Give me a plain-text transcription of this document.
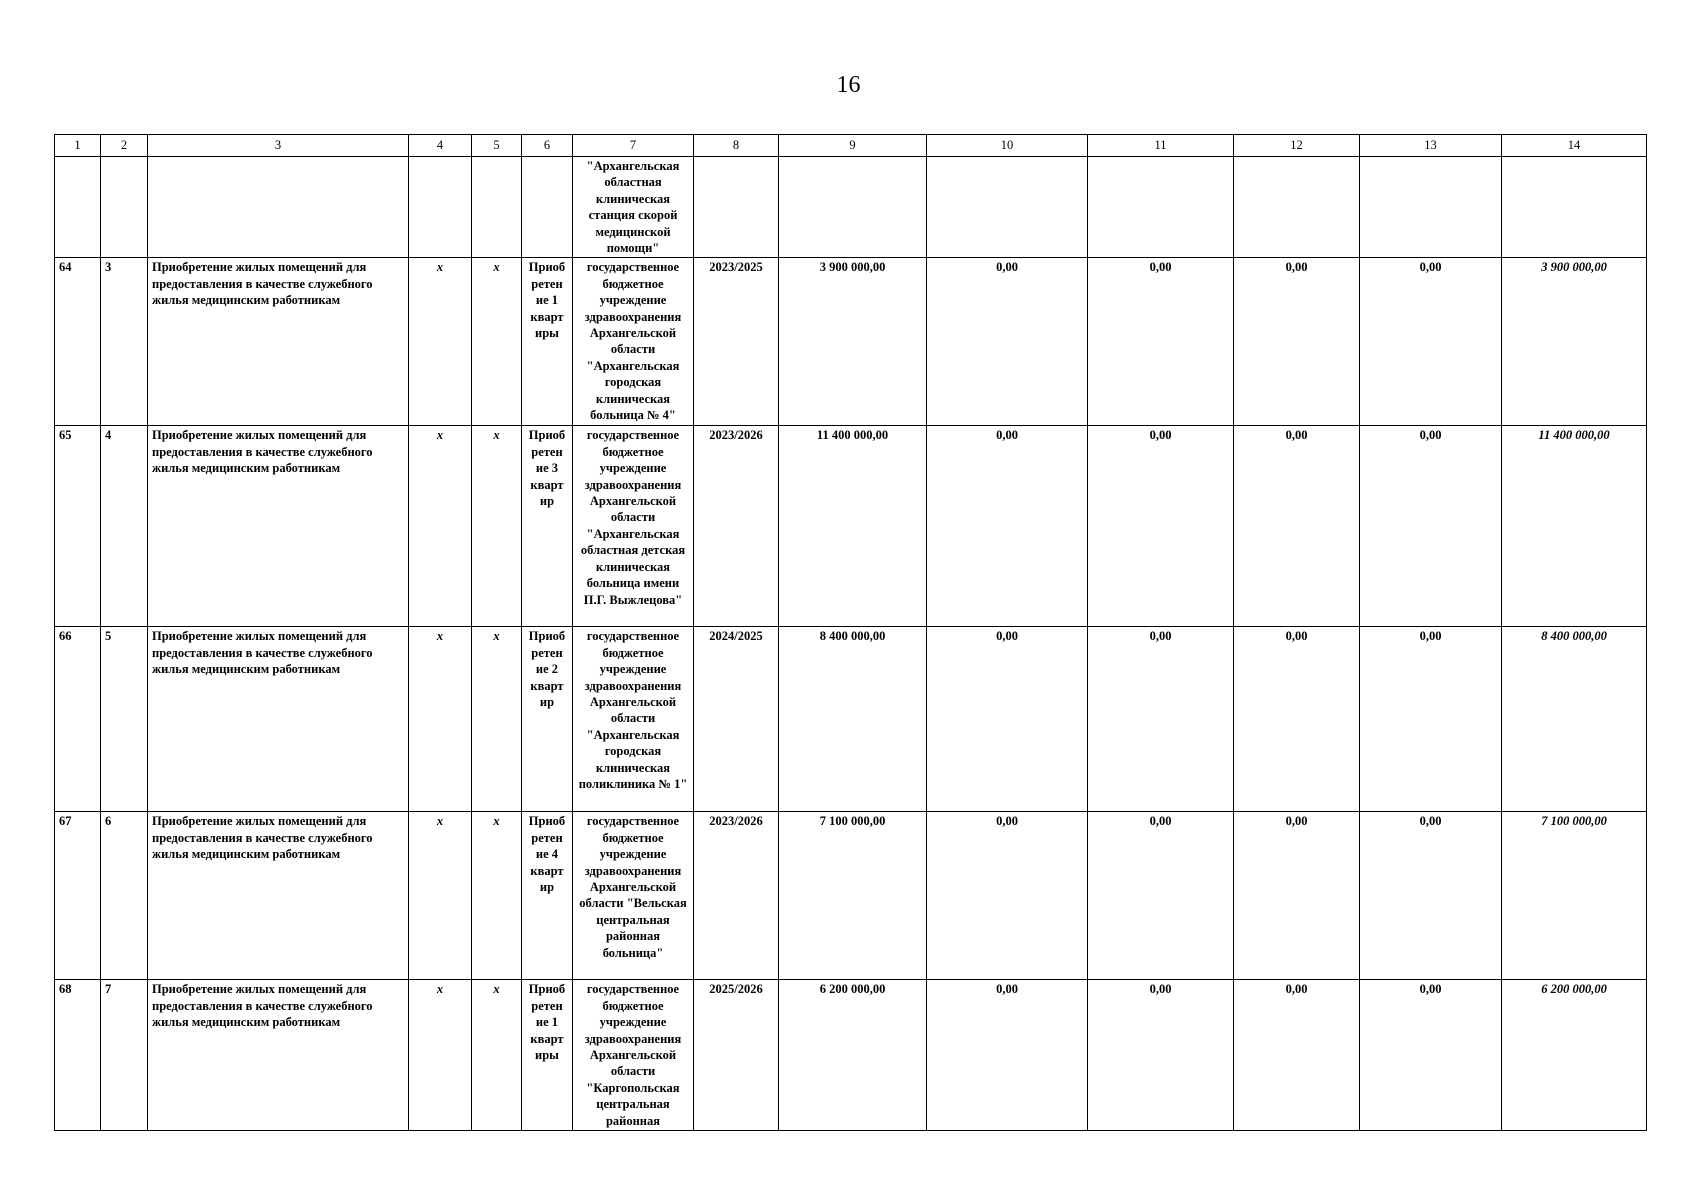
16
1	2	3	4	5	6	7	8	9	10	11	12	13	14
						"Архангельская областная клиническая станция скорой медицинской помощи"							
64	3	Приобретение жилых помещений для предоставления в качестве служебного жилья медицинским работникам	x	x	Приоб ретен ие 1 кварт иры	государственное бюджетное учреждение здравоохранения Архангельской области "Архангельская городская клиническая больница № 4"	2023/2025	3 900 000,00	0,00	0,00	0,00	0,00	3 900 000,00
65	4	Приобретение жилых помещений для предоставления в качестве служебного жилья медицинским работникам	x	x	Приоб ретен ие 3 кварт ир	государственное бюджетное учреждение здравоохранения Архангельской области "Архангельская областная детская клиническая больница имени П.Г. Выжлецова"	2023/2026	11 400 000,00	0,00	0,00	0,00	0,00	11 400 000,00
66	5	Приобретение жилых помещений для предоставления в качестве служебного жилья медицинским работникам	x	x	Приоб ретен ие 2 кварт ир	государственное бюджетное учреждение здравоохранения Архангельской области "Архангельская городская клиническая поликлиника № 1"	2024/2025	8 400 000,00	0,00	0,00	0,00	0,00	8 400 000,00
67	6	Приобретение жилых помещений для предоставления в качестве служебного жилья медицинским работникам	x	x	Приоб ретен ие 4 кварт ир	государственное бюджетное учреждение здравоохранения Архангельской области "Вельская центральная районная больница"	2023/2026	7 100 000,00	0,00	0,00	0,00	0,00	7 100 000,00
68	7	Приобретение жилых помещений для предоставления в качестве служебного жилья медицинским работникам	x	x	Приоб ретен ие 1 кварт иры	государственное бюджетное учреждение здравоохранения Архангельской области "Каргопольская центральная районная	2025/2026	6 200 000,00	0,00	0,00	0,00	0,00	6 200 000,00
